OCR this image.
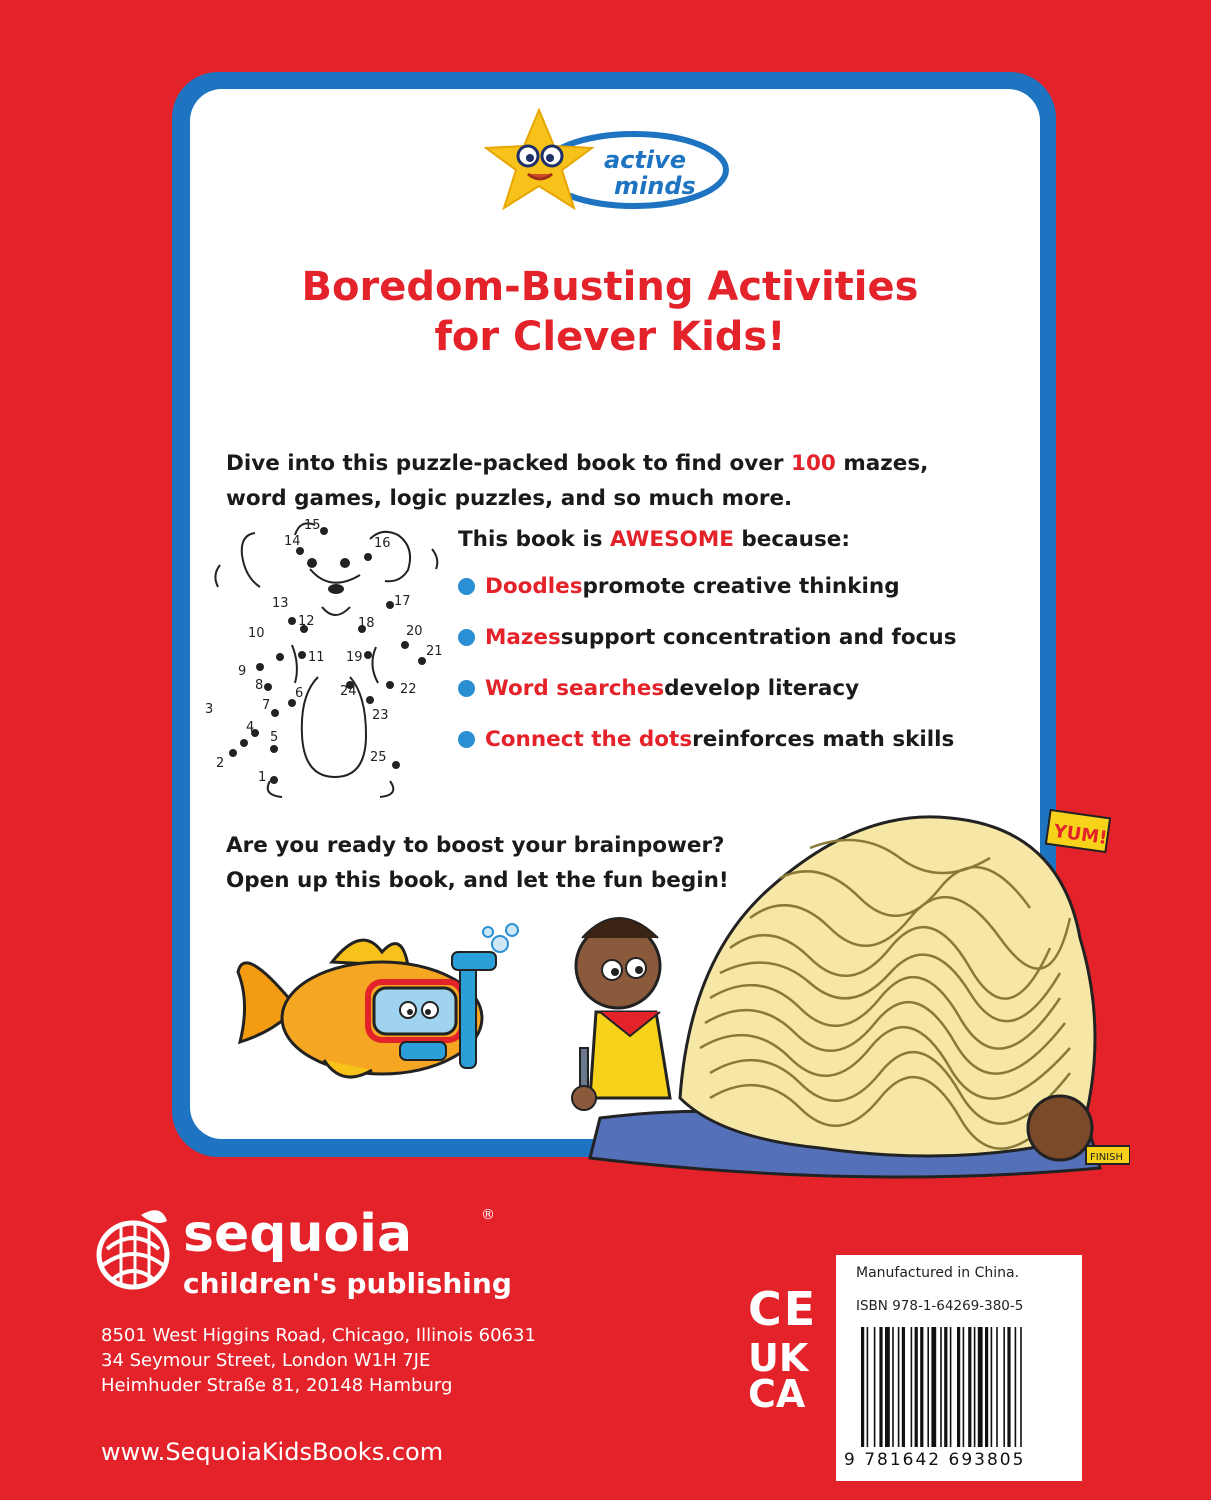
active
minds
Boredom-Busting Activities
for Clever Kids!
Dive into this puzzle-packed book to find over 100 mazes,
word games, logic puzzles, and so much more.
1
2
3
4
5
6
7
8
9
10
11
12
13
14
15
16
17
18
19
20
21
22
23
24
25
This book is AWESOME because:
Doodles promote creative thinking
Mazes support concentration and focus
Word searches develop literacy
Connect the dots reinforces math skills
Are you ready to boost your brainpower?
Open up this book, and let the fun begin!
YUM!
FINISH
sequoia	®
children's publishing
8501 West Higgins Road, Chicago, Illinois 60631
34 Seymour Street, London W1H 7JE
Heimhuder Straße 81, 20148 Hamburg
www.SequoiaKidsBooks.com
CE
UK
CA
Manufactured in China.
ISBN 978-1-64269-380-5
9 781642 693805
